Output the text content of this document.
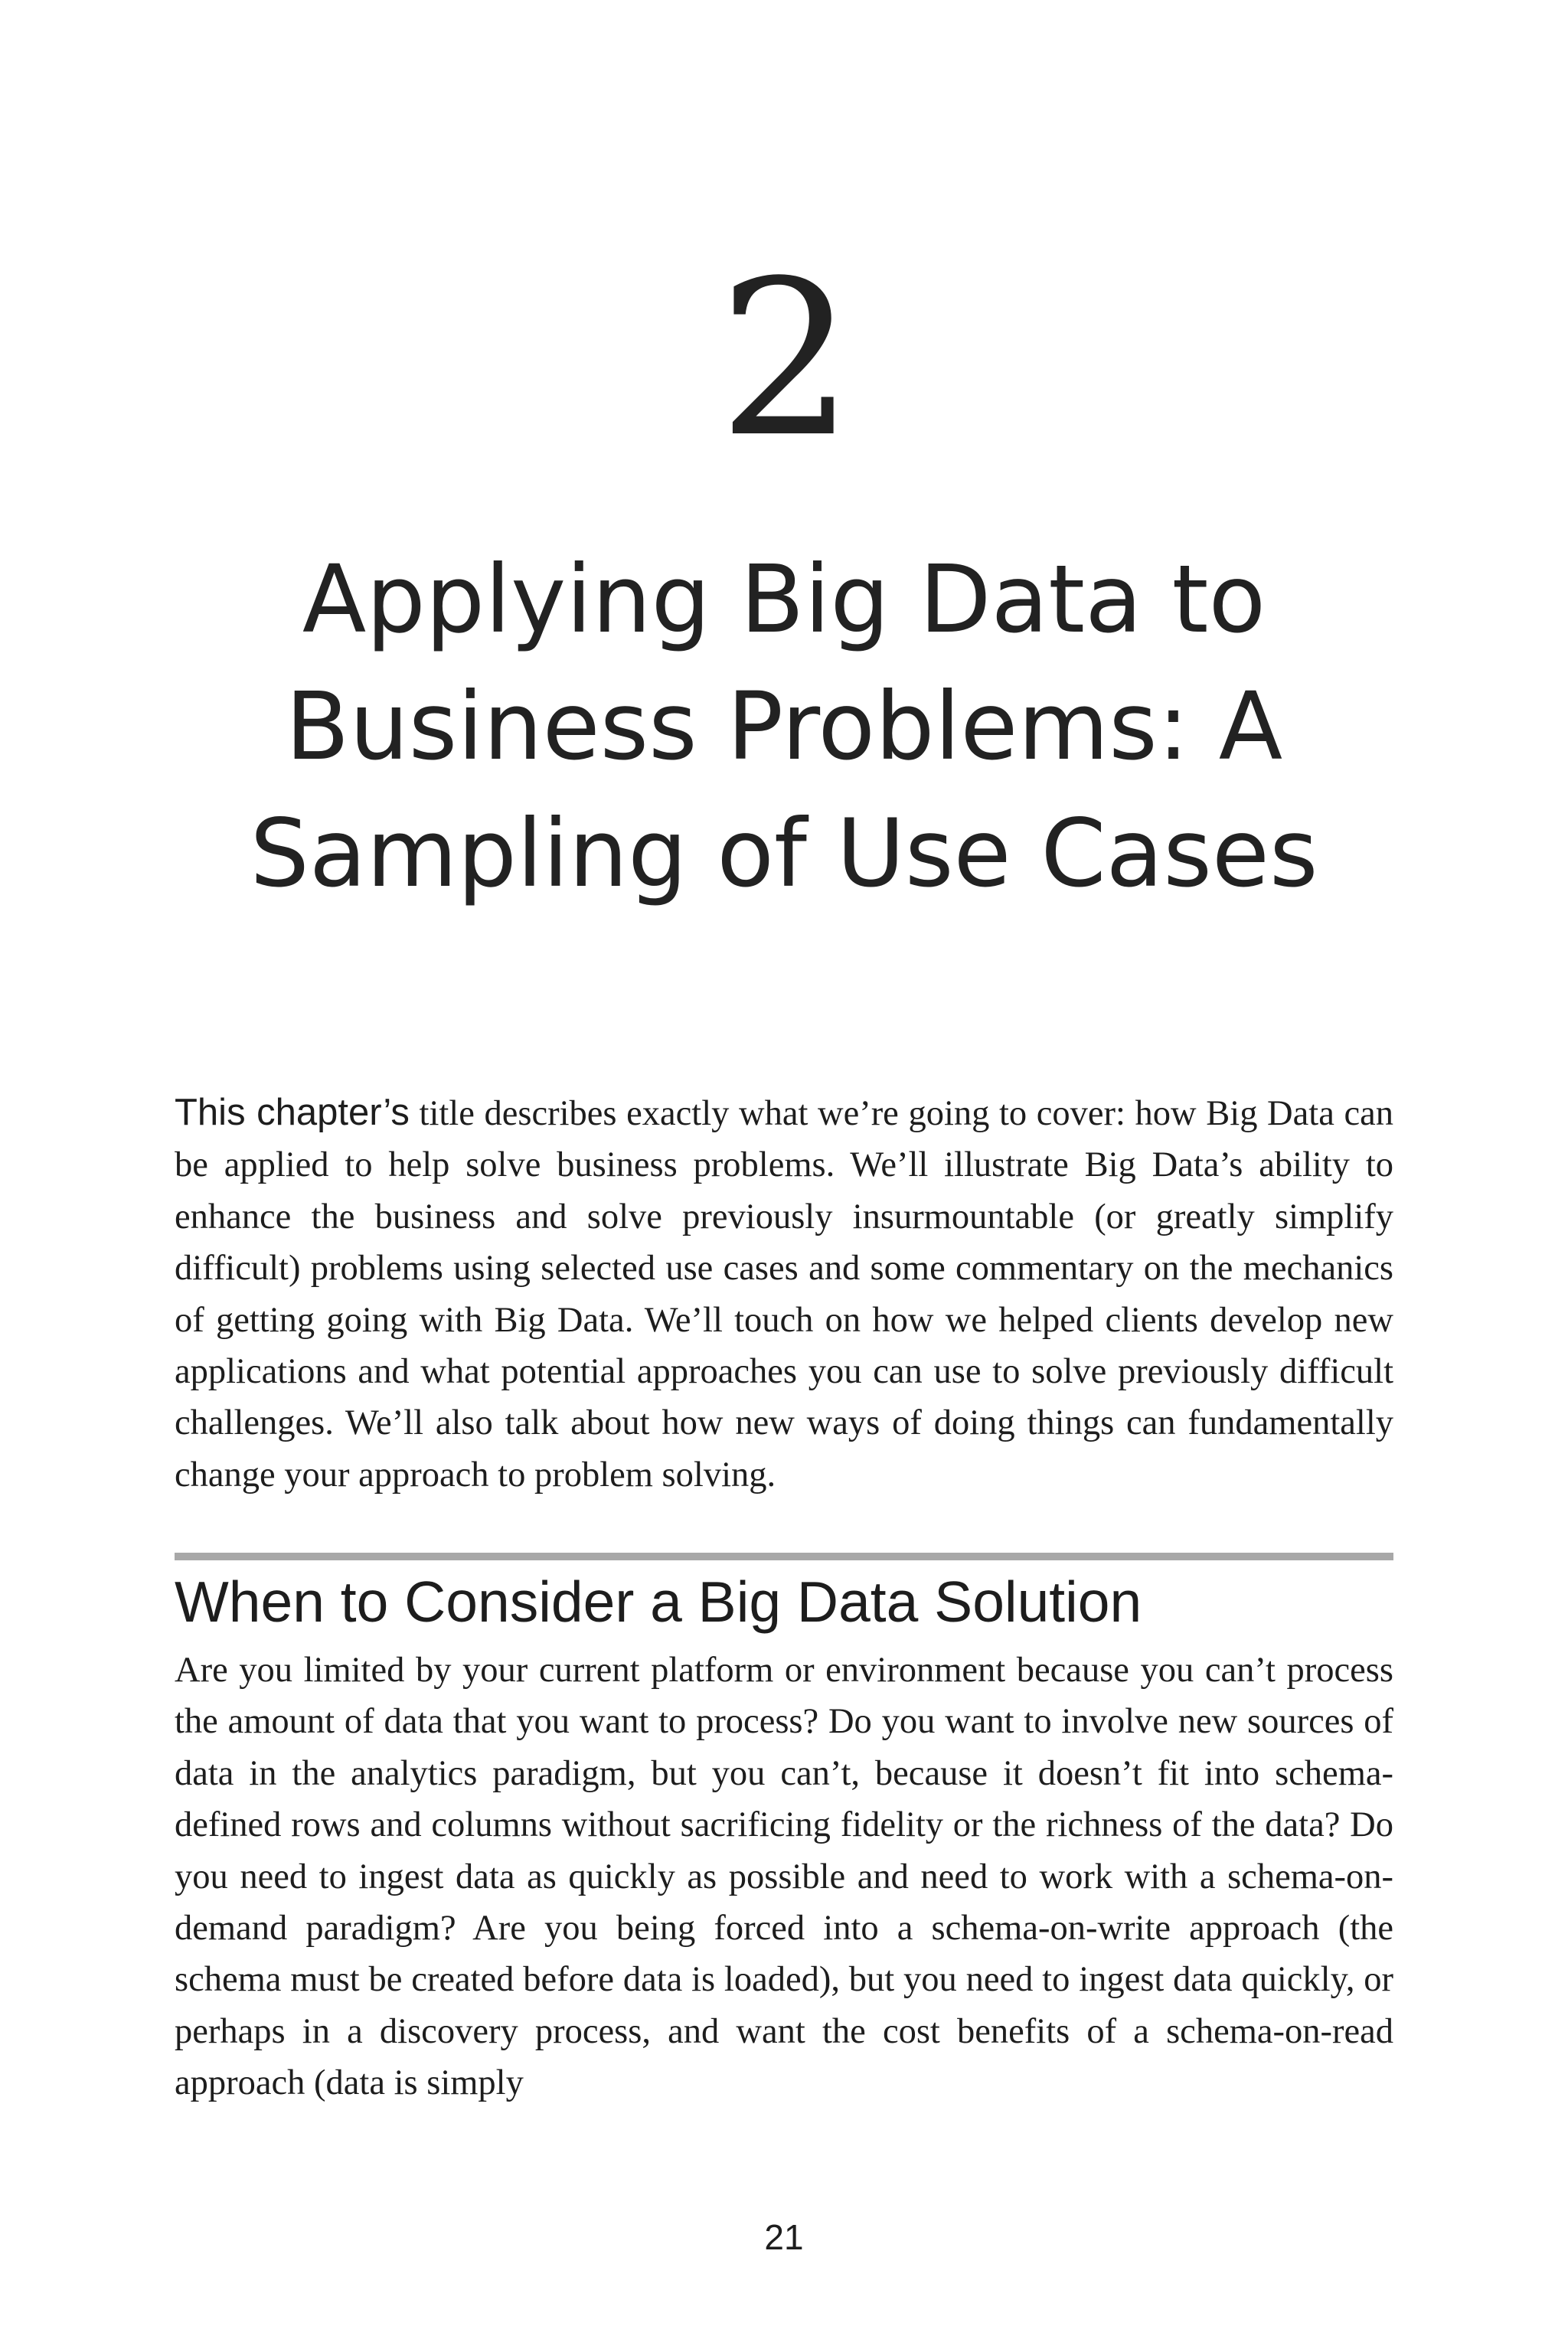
2
Applying Big Data to
Business Problems: A
Sampling of Use Cases

This chapter’s title describes exactly what we’re going to cover: how Big Data can be applied to help solve business problems. We’ll illustrate Big Data’s ability to enhance the business and solve previously insurmountable (or greatly simplify difficult) problems using selected use cases and some commentary on the mechanics of getting going with Big Data. We’ll touch on how we helped clients develop new applications and what potential approaches you can use to solve previously difficult challenges. We’ll also talk about how new ways of doing things can fundamentally change your approach to problem solving.

When to Consider a Big Data Solution

Are you limited by your current platform or environment because you can’t process the amount of data that you want to process? Do you want to involve new sources of data in the analytics paradigm, but you can’t, because it doesn’t fit into schema-defined rows and columns without sacrificing fidelity or the richness of the data? Do you need to ingest data as quickly as possible and need to work with a schema-on-demand paradigm? Are you being forced into a schema-on-write approach (the schema must be created before data is loaded), but you need to ingest data quickly, or perhaps in a discovery process, and want the cost benefits of a schema-on-read approach (data is simply

21
